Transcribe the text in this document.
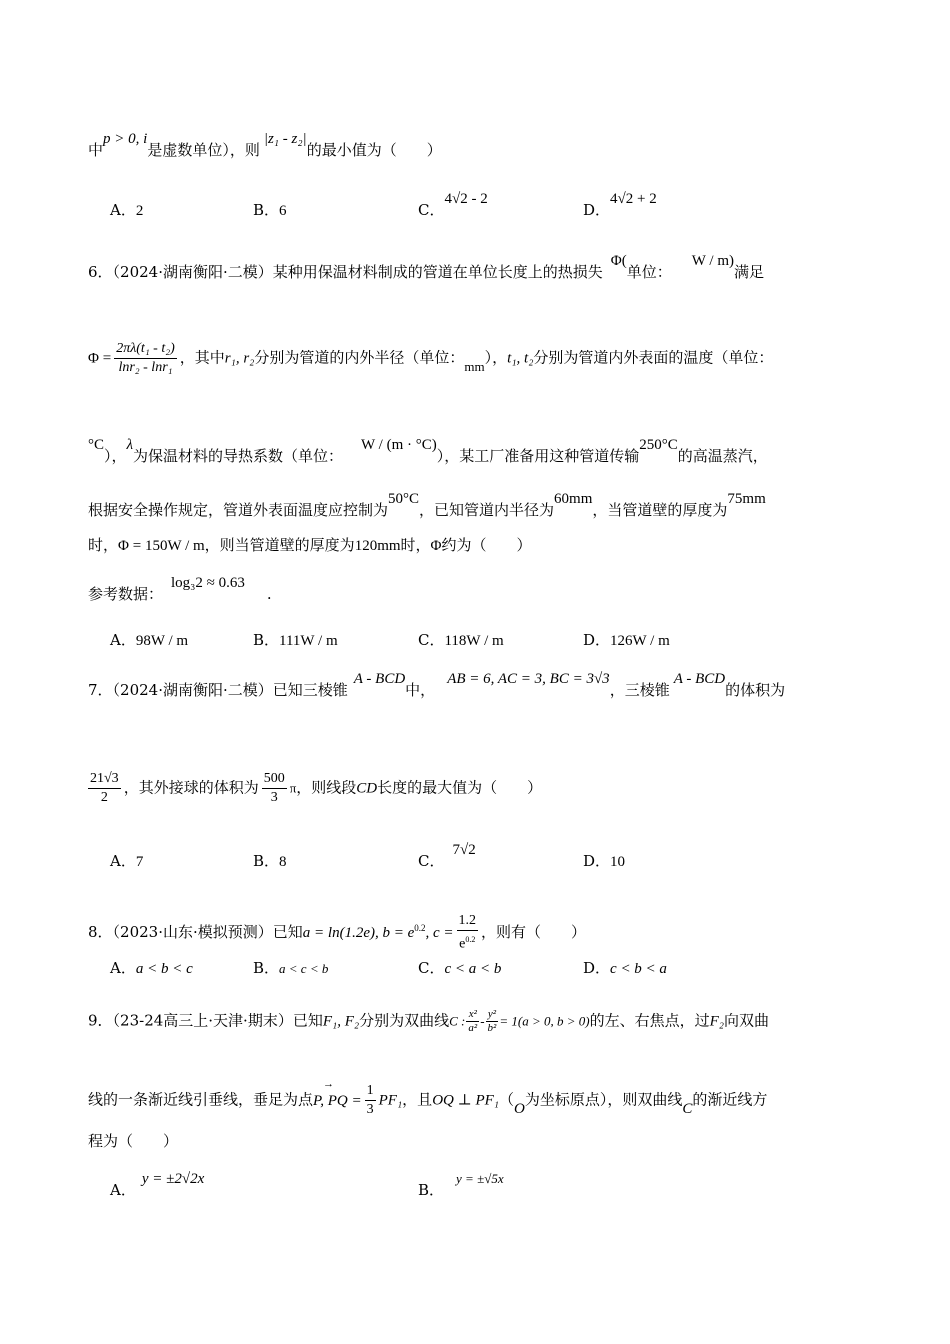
中p > 0, i是虚数单位），则|z₁ - z₂|的最小值为（　　）
A．2	B．6	C．4√2 - 2
D．4√2 + 2
6．（2024·湖南衡阳·二模）某种用保温材料制成的管道在单位长度上的热损失Φ(单位：W / m)满足
$\Phi = \frac{\text{2πλ(t₁ - t₂)}}{\text{lnr₂ - lnr₁}}$ ，其中r₁, r₂分别为管道的内外半径（单位：mm），t₁, t₂分别为管道内外表面的温度（单位：
°C），λ为保温材料的导热系数（单位：W / (m · °C)），某工厂准备用这种管道传输250°C的高温蒸汽，
根据安全操作规定，管道外表面温度应控制为50°C，已知管道内半径为60mm，当管道壁的厚度为75mm
时，Φ = 150W / m，则当管道壁的厚度为120mm时，Φ约为（　　）
参考数据：log₃2 ≈ 0.63.
A．98W / m	B．111W / m	C．118W / m	D．126W / m
7．（2024·湖南衡阳·二模）已知三棱锥A - BCD中，AB = 6, AC = 3, BC = 3√3，三棱锥A - BCD的体积为
$\frac{21√3}{2}$ ，其外接球的体积为 $\frac{500}{3}$ π，则线段CD长度的最大值为（　　）
A．7	B．8	C．7√2
D．10
8．（2023·山东·模拟预测）已知a = ln(1.2e), $b = e^{0.2}$, $c = \frac{1.2}{e^{0.2}}$ ，则有（　　）
A．a < b < c	B．a < c < b	C．c < a < b	D．c < b < a
9．（23-24高三上·天津·期末）已知F₁, F₂分别为双曲线C : $\frac{\text{x²}}{\text{a²}} - \frac{\text{y²}}{\text{b²}} = 1(a > 0$, b > 0)的左、右焦点，过F₂向双曲
线的一条渐近线引垂线，垂足为点
→
P, PQ = $\frac{1}{3} PF_1$，且OQ ⊥ PF₁（O为坐标原点），则双曲线C的渐近线方
程为（　　）
A．y = ±2√2x
B．y = ±√5x
